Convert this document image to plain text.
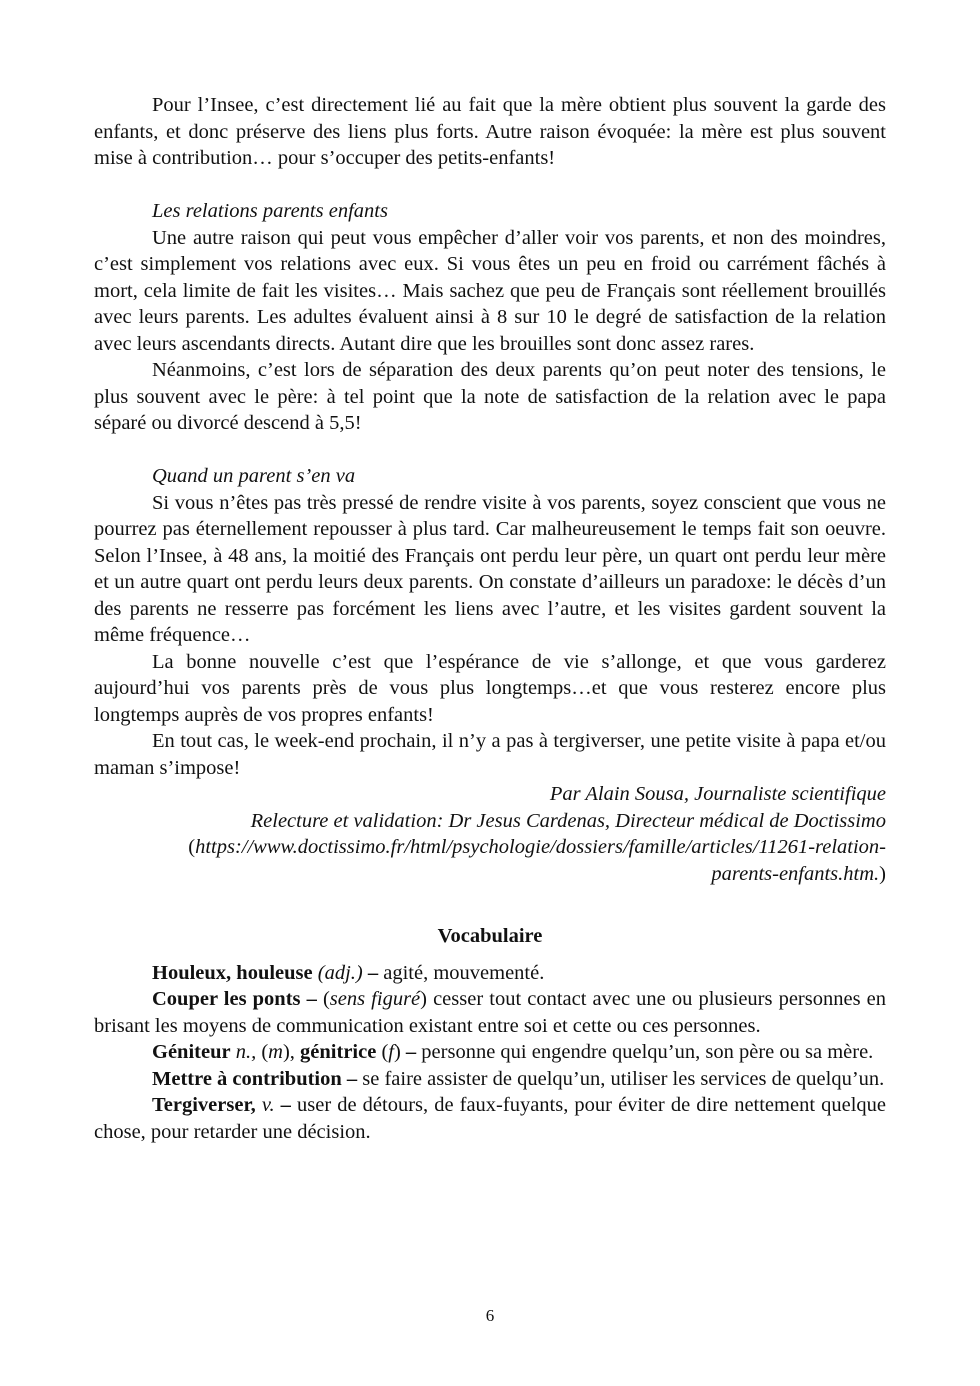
Pour l’Insee, c’est directement lié au fait que la mère obtient plus souvent la garde des enfants, et donc préserve des liens plus forts. Autre raison évoquée: la mère est plus souvent mise à contribution… pour s’occuper des petits-enfants!

Les relations parents enfants

Une autre raison qui peut vous empêcher d’aller voir vos parents, et non des moindres, c’est simplement vos relations avec eux. Si vous êtes un peu en froid ou carrément fâchés à mort, cela limite de fait les visites… Mais sachez que peu de Français sont réellement brouillés avec leurs parents. Les adultes évaluent ainsi à 8 sur 10 le degré de satisfaction de la relation avec leurs ascendants directs. Autant dire que les brouilles sont donc assez rares.

Néanmoins, c’est lors de séparation des deux parents qu’on peut noter des tensions, le plus souvent avec le père: à tel point que la note de satisfaction de la relation avec le papa séparé ou divorcé descend à 5,5!

Quand un parent s’en va

Si vous n’êtes pas très pressé de rendre visite à vos parents, soyez conscient que vous ne pourrez pas éternellement repousser à plus tard. Car malheureusement le temps fait son oeuvre. Selon l’Insee, à 48 ans, la moitié des Français ont perdu leur père, un quart ont perdu leur mère et un autre quart ont perdu leurs deux parents. On constate d’ailleurs un paradoxe: le décès d’un des parents ne resserre pas forcément les liens avec l’autre, et les visites gardent souvent la même fréquence…

La bonne nouvelle c’est que l’espérance de vie s’allonge, et que vous garderez aujourd’hui vos parents près de vous plus longtemps…et que vous resterez encore plus longtemps auprès de vos propres enfants!

En tout cas, le week-end prochain, il n’y a pas à tergiverser, une petite visite à papa et/ou maman s’impose!

Par Alain Sousa, Journaliste scientifique

Relecture et validation: Dr Jesus Cardenas, Directeur médical de Doctissimo

(https://www.doctissimo.fr/html/psychologie/dossiers/famille/articles/11261-relation-parents-enfants.htm.)

Vocabulaire

Houleux, houleuse (adj.) – agité, mouvementé.

Couper les ponts – (sens figuré) cesser tout contact avec une ou plusieurs personnes en brisant les moyens de communication existant entre soi et cette ou ces personnes.

Géniteur n., (m), génitrice (f) – personne qui engendre quelqu’un, son père ou sa mère.

Mettre à contribution – se faire assister de quelqu’un, utiliser les services de quelqu’un.

Tergiverser, v. – user de détours, de faux-fuyants, pour éviter de dire nettement quelque chose, pour retarder une décision.

6
